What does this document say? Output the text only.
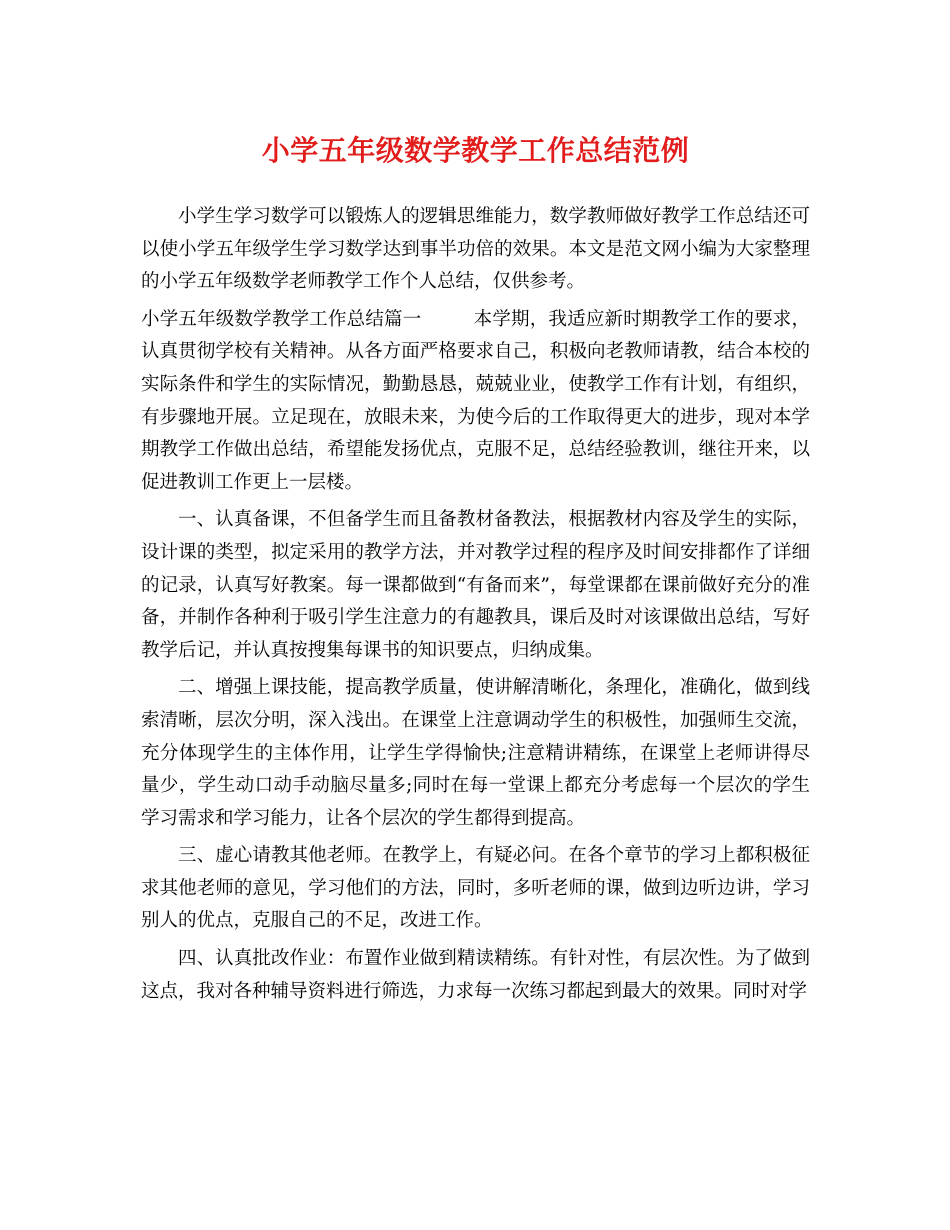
小学五年级数学教学工作总结范例

小学生学习数学可以锻炼人的逻辑思维能力，数学教师做好教学工作总结还可以使小学五年级学生学习数学达到事半功倍的效果。本文是范文网小编为大家整理的小学五年级数学老师教学工作个人总结，仅供参考。

小学五年级数学教学工作总结篇一	本学期，我适应新时期教学工作的要求，认真贯彻学校有关精神。从各方面严格要求自己，积极向老教师请教，结合本校的实际条件和学生的实际情况，勤勤恳恳，兢兢业业，使教学工作有计划，有组织，有步骤地开展。立足现在，放眼未来，为使今后的工作取得更大的进步，现对本学期教学工作做出总结，希望能发扬优点，克服不足，总结经验教训，继往开来，以促进教训工作更上一层楼。

一、认真备课，不但备学生而且备教材备教法，根据教材内容及学生的实际，设计课的类型，拟定采用的教学方法，并对教学过程的程序及时间安排都作了详细的记录，认真写好教案。每一课都做到“有备而来”，每堂课都在课前做好充分的准备，并制作各种利于吸引学生注意力的有趣教具，课后及时对该课做出总结，写好教学后记，并认真按搜集每课书的知识要点，归纳成集。

二、增强上课技能，提高教学质量，使讲解清晰化，条理化，准确化，做到线索清晰，层次分明，深入浅出。在课堂上注意调动学生的积极性，加强师生交流，充分体现学生的主体作用，让学生学得愉快;注意精讲精练，在课堂上老师讲得尽量少，学生动口动手动脑尽量多;同时在每一堂课上都充分考虑每一个层次的学生学习需求和学习能力，让各个层次的学生都得到提高。

三、虚心请教其他老师。在教学上，有疑必问。在各个章节的学习上都积极征求其他老师的意见，学习他们的方法，同时，多听老师的课，做到边听边讲，学习别人的优点，克服自己的不足，改进工作。

四、认真批改作业：布置作业做到精读精练。有针对性，有层次性。为了做到这点，我对各种辅导资料进行筛选，力求每一次练习都起到最大的效果。同时对学
